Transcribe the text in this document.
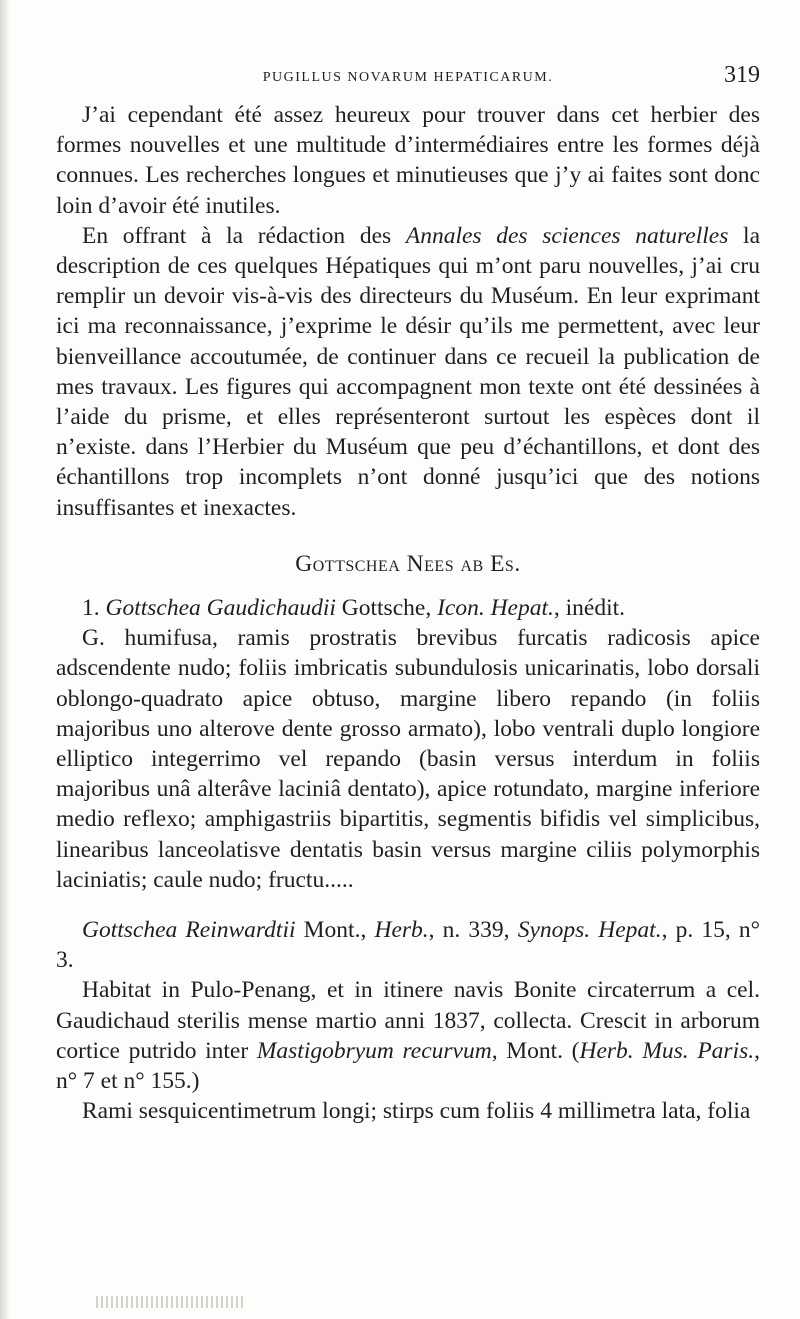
PUGILLUS NOVARUM HEPATICARUM.	319

J’ai cependant été assez heureux pour trouver dans cet herbier des formes nouvelles et une multitude d’intermédiaires entre les formes déjà connues. Les recherches longues et minutieuses que j’y ai faites sont donc loin d’avoir été inutiles.

En offrant à la rédaction des Annales des sciences naturelles la description de ces quelques Hépatiques qui m’ont paru nouvelles, j’ai cru remplir un devoir vis-à-vis des directeurs du Muséum. En leur exprimant ici ma reconnaissance, j’exprime le désir qu’ils me permettent, avec leur bienveillance accoutumée, de continuer dans ce recueil la publication de mes travaux. Les figures qui accompagnent mon texte ont été dessinées à l’aide du prisme, et elles représenteront surtout les espèces dont il n’existe. dans l’Herbier du Muséum que peu d’échantillons, et dont des échantillons trop incomplets n’ont donné jusqu’ici que des notions insuffisantes et inexactes.

Gottschea Nees ab Es.

1. Gottschea Gaudichaudii Gottsche, Icon. Hepat., inédit.

G. humifusa, ramis prostratis brevibus furcatis radicosis apice adscendente nudo; foliis imbricatis subundulosis unicarinatis, lobo dorsali oblongo-quadrato apice obtuso, margine libero repando (in foliis majoribus uno alterove dente grosso armato), lobo ventrali duplo longiore elliptico integerrimo vel repando (basin versus interdum in foliis majoribus unâ alterâve laciniâ dentato), apice rotundato, margine inferiore medio reflexo; amphigastriis bipartitis, segmentis bifidis vel simplicibus, linearibus lanceolatisve dentatis basin versus margine ciliis polymorphis laciniatis; caule nudo; fructu.....

Gottschea Reinwardtii Mont., Herb., n. 339, Synops. Hepat., p. 15, n° 3.

Habitat in Pulo-Penang, et in itinere navis Bonite circaterrum a cel. Gaudichaud sterilis mense martio anni 1837, collecta. Crescit in arborum cortice putrido inter Mastigobryum recurvum, Mont. (Herb. Mus. Paris., n° 7 et n° 155.)

Rami sesquicentimetrum longi; stirps cum foliis 4 millimetra lata, folia
